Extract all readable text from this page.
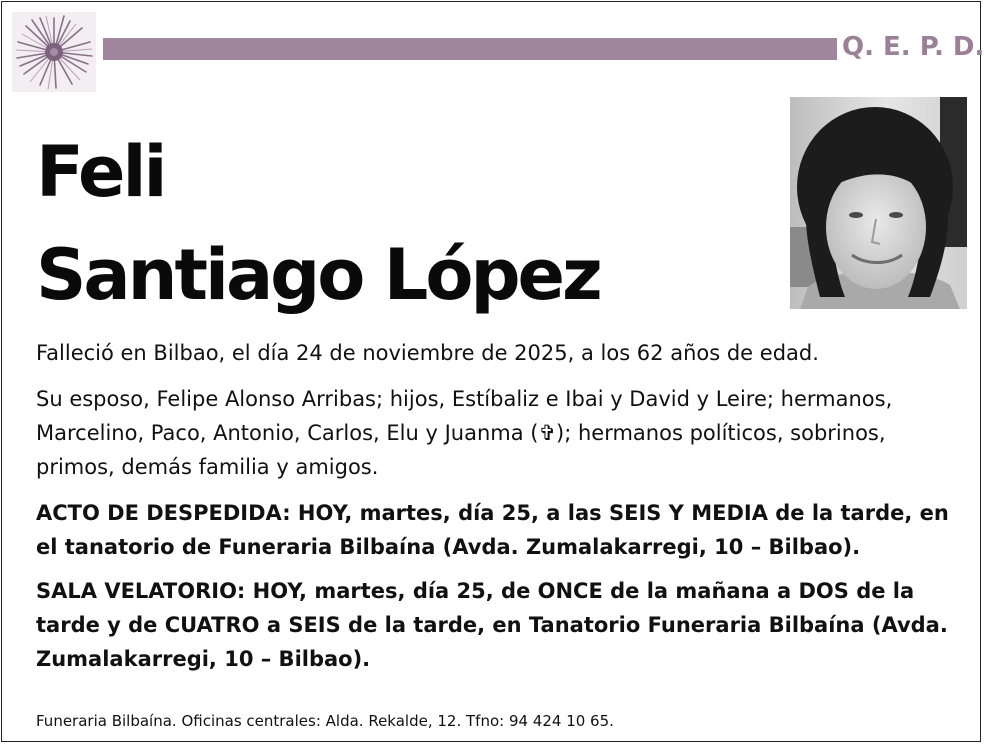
Q. E. P. D.
Feli
Santiago López
Falleció en Bilbao, el día 24 de noviembre de 2025, a los 62 años de edad.
Su esposo, Felipe Alonso Arribas; hijos, Estíbaliz e Ibai y David y Leire; hermanos, Marcelino, Paco, Antonio, Carlos, Elu y Juanma (✞); hermanos políticos, sobrinos, primos, demás familia y amigos.
ACTO DE DESPEDIDA: HOY, martes, día 25, a las SEIS Y MEDIA de la tarde, en el tanatorio de Funeraria Bilbaína (Avda. Zumalakarregi, 10 – Bilbao).
SALA VELATORIO: HOY, martes, día 25, de ONCE de la mañana a DOS de la tarde y de CUATRO a SEIS de la tarde, en Tanatorio Funeraria Bilbaína (Avda. Zumalakarregi, 10 – Bilbao).
Funeraria Bilbaína. Oficinas centrales: Alda. Rekalde, 12. Tfno: 94 424 10 65.
